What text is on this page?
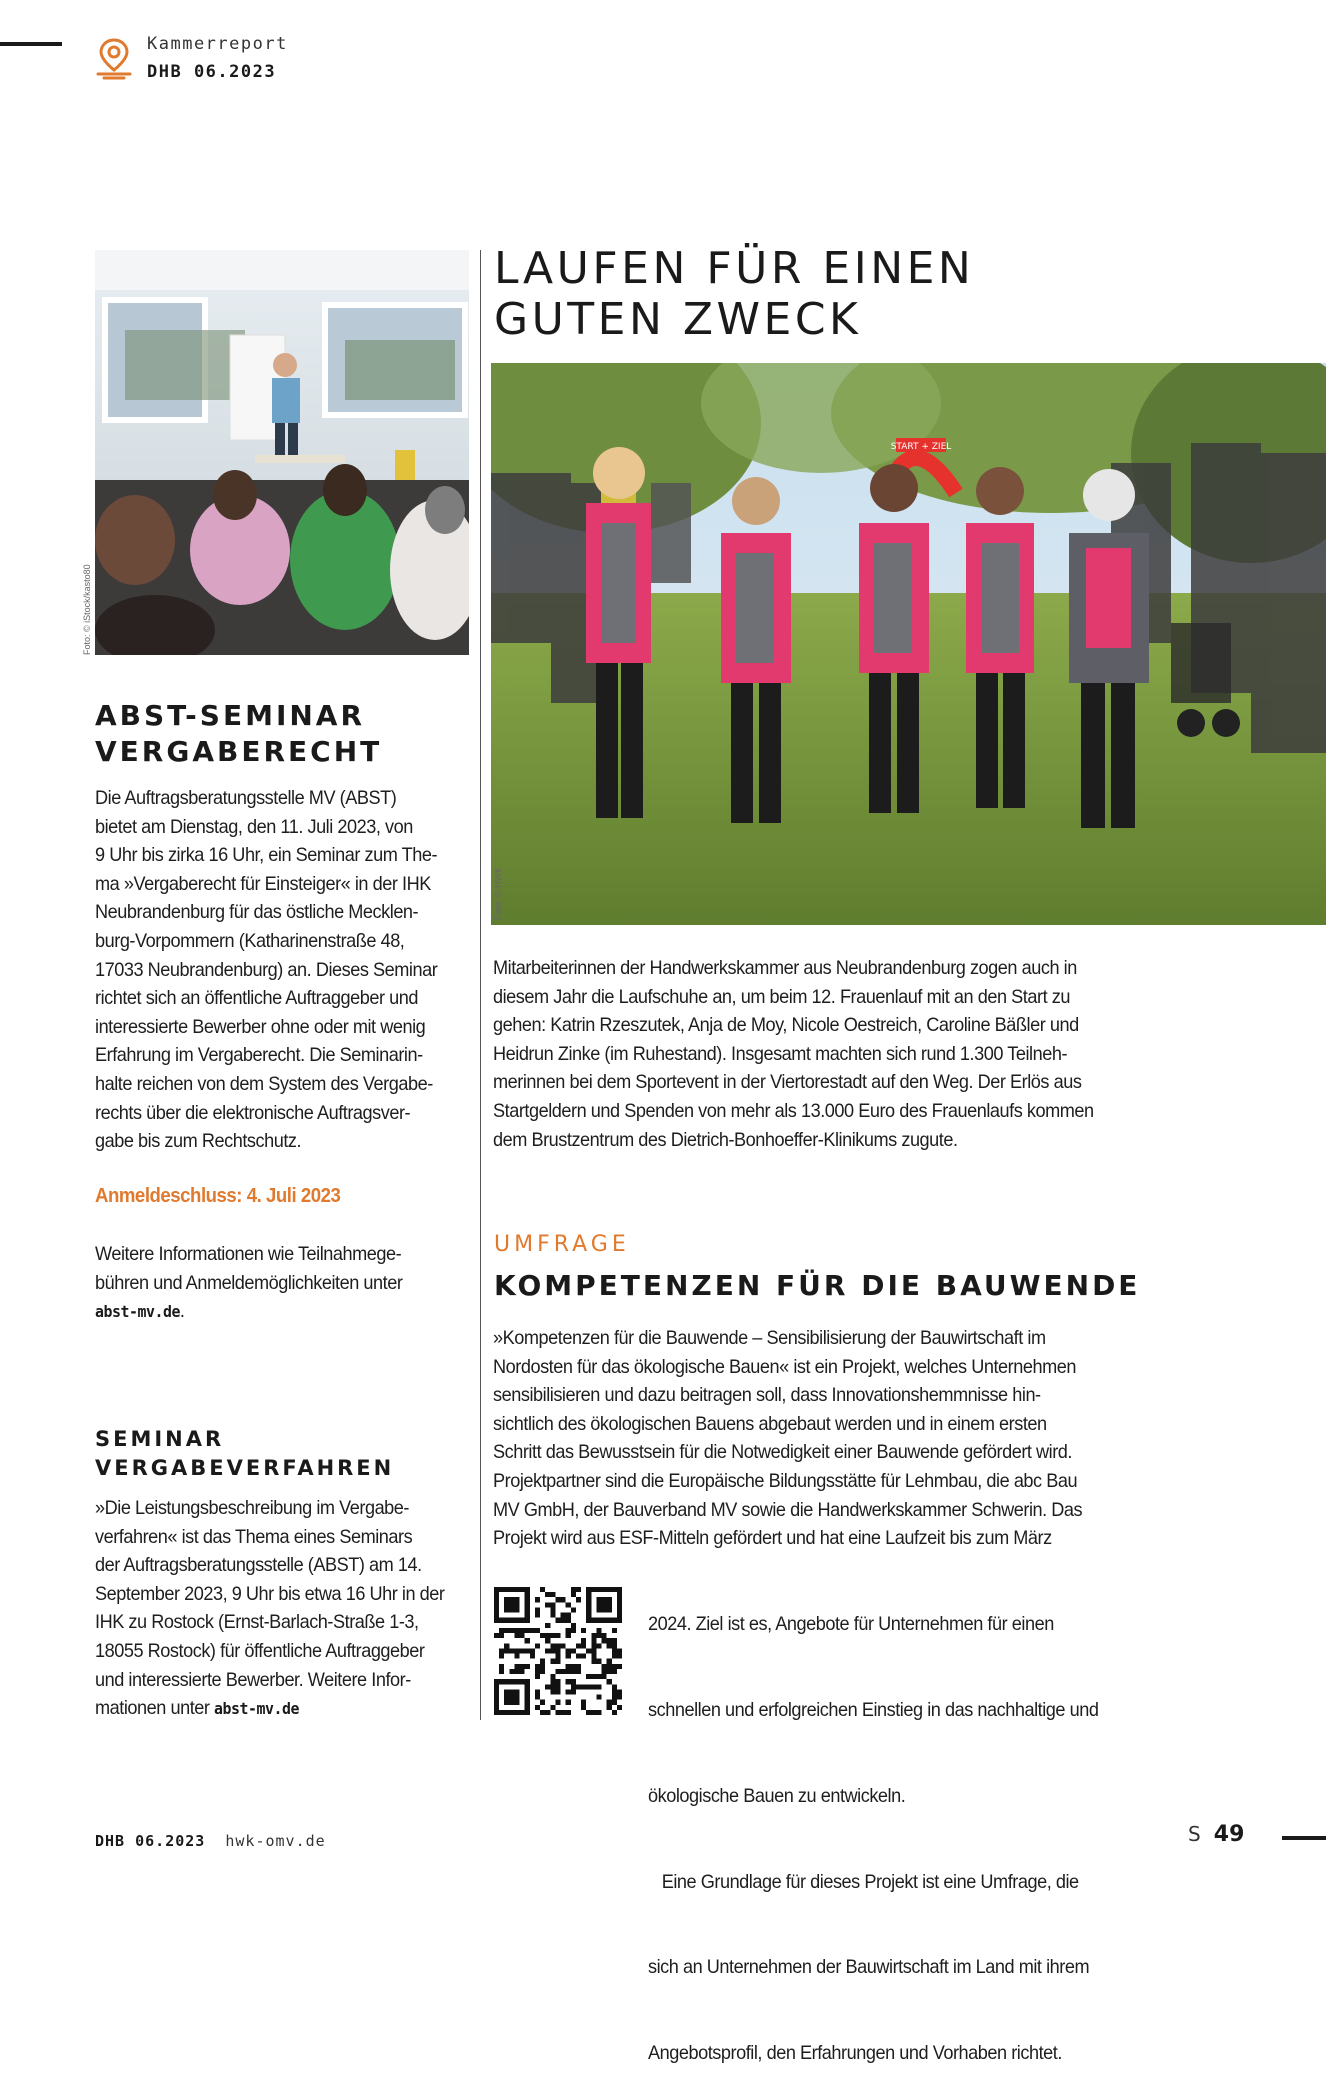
Kammerreport
DHB 06.2023
Foto: © iStock/kasto80
ABST-SEMINAR
VERGABERECHT
Die Auftragsberatungsstelle MV (ABST)
bietet am Dienstag, den 11. Juli 2023, von
9 Uhr bis zirka 16 Uhr, ein Seminar zum The-
ma »Vergaberecht für Einsteiger« in der IHK
Neubrandenburg für das östliche Mecklen-
burg-Vorpommern (Katharinenstraße 48,
17033 Neubrandenburg) an. Dieses Seminar
richtet sich an öffentliche Auftraggeber und
interessierte Bewerber ohne oder mit wenig
Erfahrung im Vergaberecht. Die Seminarin-
halte reichen von dem System des Vergabe-
rechts über die elektronische Auftragsver-
gabe bis zum Rechtschutz.
Anmeldeschluss: 4. Juli 2023
Weitere Informationen wie Teilnahmege-
bühren und Anmeldemöglichkeiten unter
abst-mv.de.
SEMINAR
VERGABEVERFAHREN
»Die Leistungsbeschreibung im Vergabe-
verfahren« ist das Thema eines Seminars
der Auftragsberatungsstelle (ABST) am 14.
September 2023, 9 Uhr bis etwa 16 Uhr in der
IHK zu Rostock (Ernst-Barlach-Straße 1-3,
18055 Rostock) für öffentliche Auftraggeber
und interessierte Bewerber. Weitere Infor-
mationen unter abst-mv.de
LAUFEN FÜR EINEN
GUTEN ZWECK
START + ZIEL
Foto: © HWK
Mitarbeiterinnen der Handwerkskammer aus Neubrandenburg zogen auch in
diesem Jahr die Laufschuhe an, um beim 12. Frauenlauf mit an den Start zu
gehen: Katrin Rzeszutek, Anja de Moy, Nicole Oestreich, Caroline Bäßler und
Heidrun Zinke (im Ruhestand). Insgesamt machten sich rund 1.300 Teilneh-
merinnen bei dem Sportevent in der Viertorestadt auf den Weg. Der Erlös aus
Startgeldern und Spenden von mehr als 13.000 Euro des Frauenlaufs kommen
dem Brustzentrum des Dietrich-Bonhoeffer-Klinikums zugute.
UMFRAGE
KOMPETENZEN FÜR DIE BAUWENDE
»Kompetenzen für die Bauwende – Sensibilisierung der Bauwirtschaft im
Nordosten für das ökologische Bauen« ist ein Projekt, welches Unternehmen
sensibilisieren und dazu beitragen soll, dass Innovationshemmnisse hin-
sichtlich des ökologischen Bauens abgebaut werden und in einem ersten
Schritt das Bewusstsein für die Notwedigkeit einer Bauwende gefördert wird.
Projektpartner sind die Europäische Bildungsstätte für Lehmbau, die abc Bau
MV GmbH, der Bauverband MV sowie die Handwerkskammer Schwerin. Das
Projekt wird aus ESF-Mitteln gefördert und hat eine Laufzeit bis zum März

2024. Ziel ist es, Angebote für Unternehmen für einen

schnellen und erfolgreichen Einstieg in das nachhaltige und

ökologische Bauen zu entwickeln.

Eine Grundlage für dieses Projekt ist eine Umfrage, die

sich an Unternehmen der Bauwirtschaft im Land mit ihrem

Angebotsprofil, den Erfahrungen und Vorhaben richtet.

DHB 06.2023 hwk-omv.de	S 49
